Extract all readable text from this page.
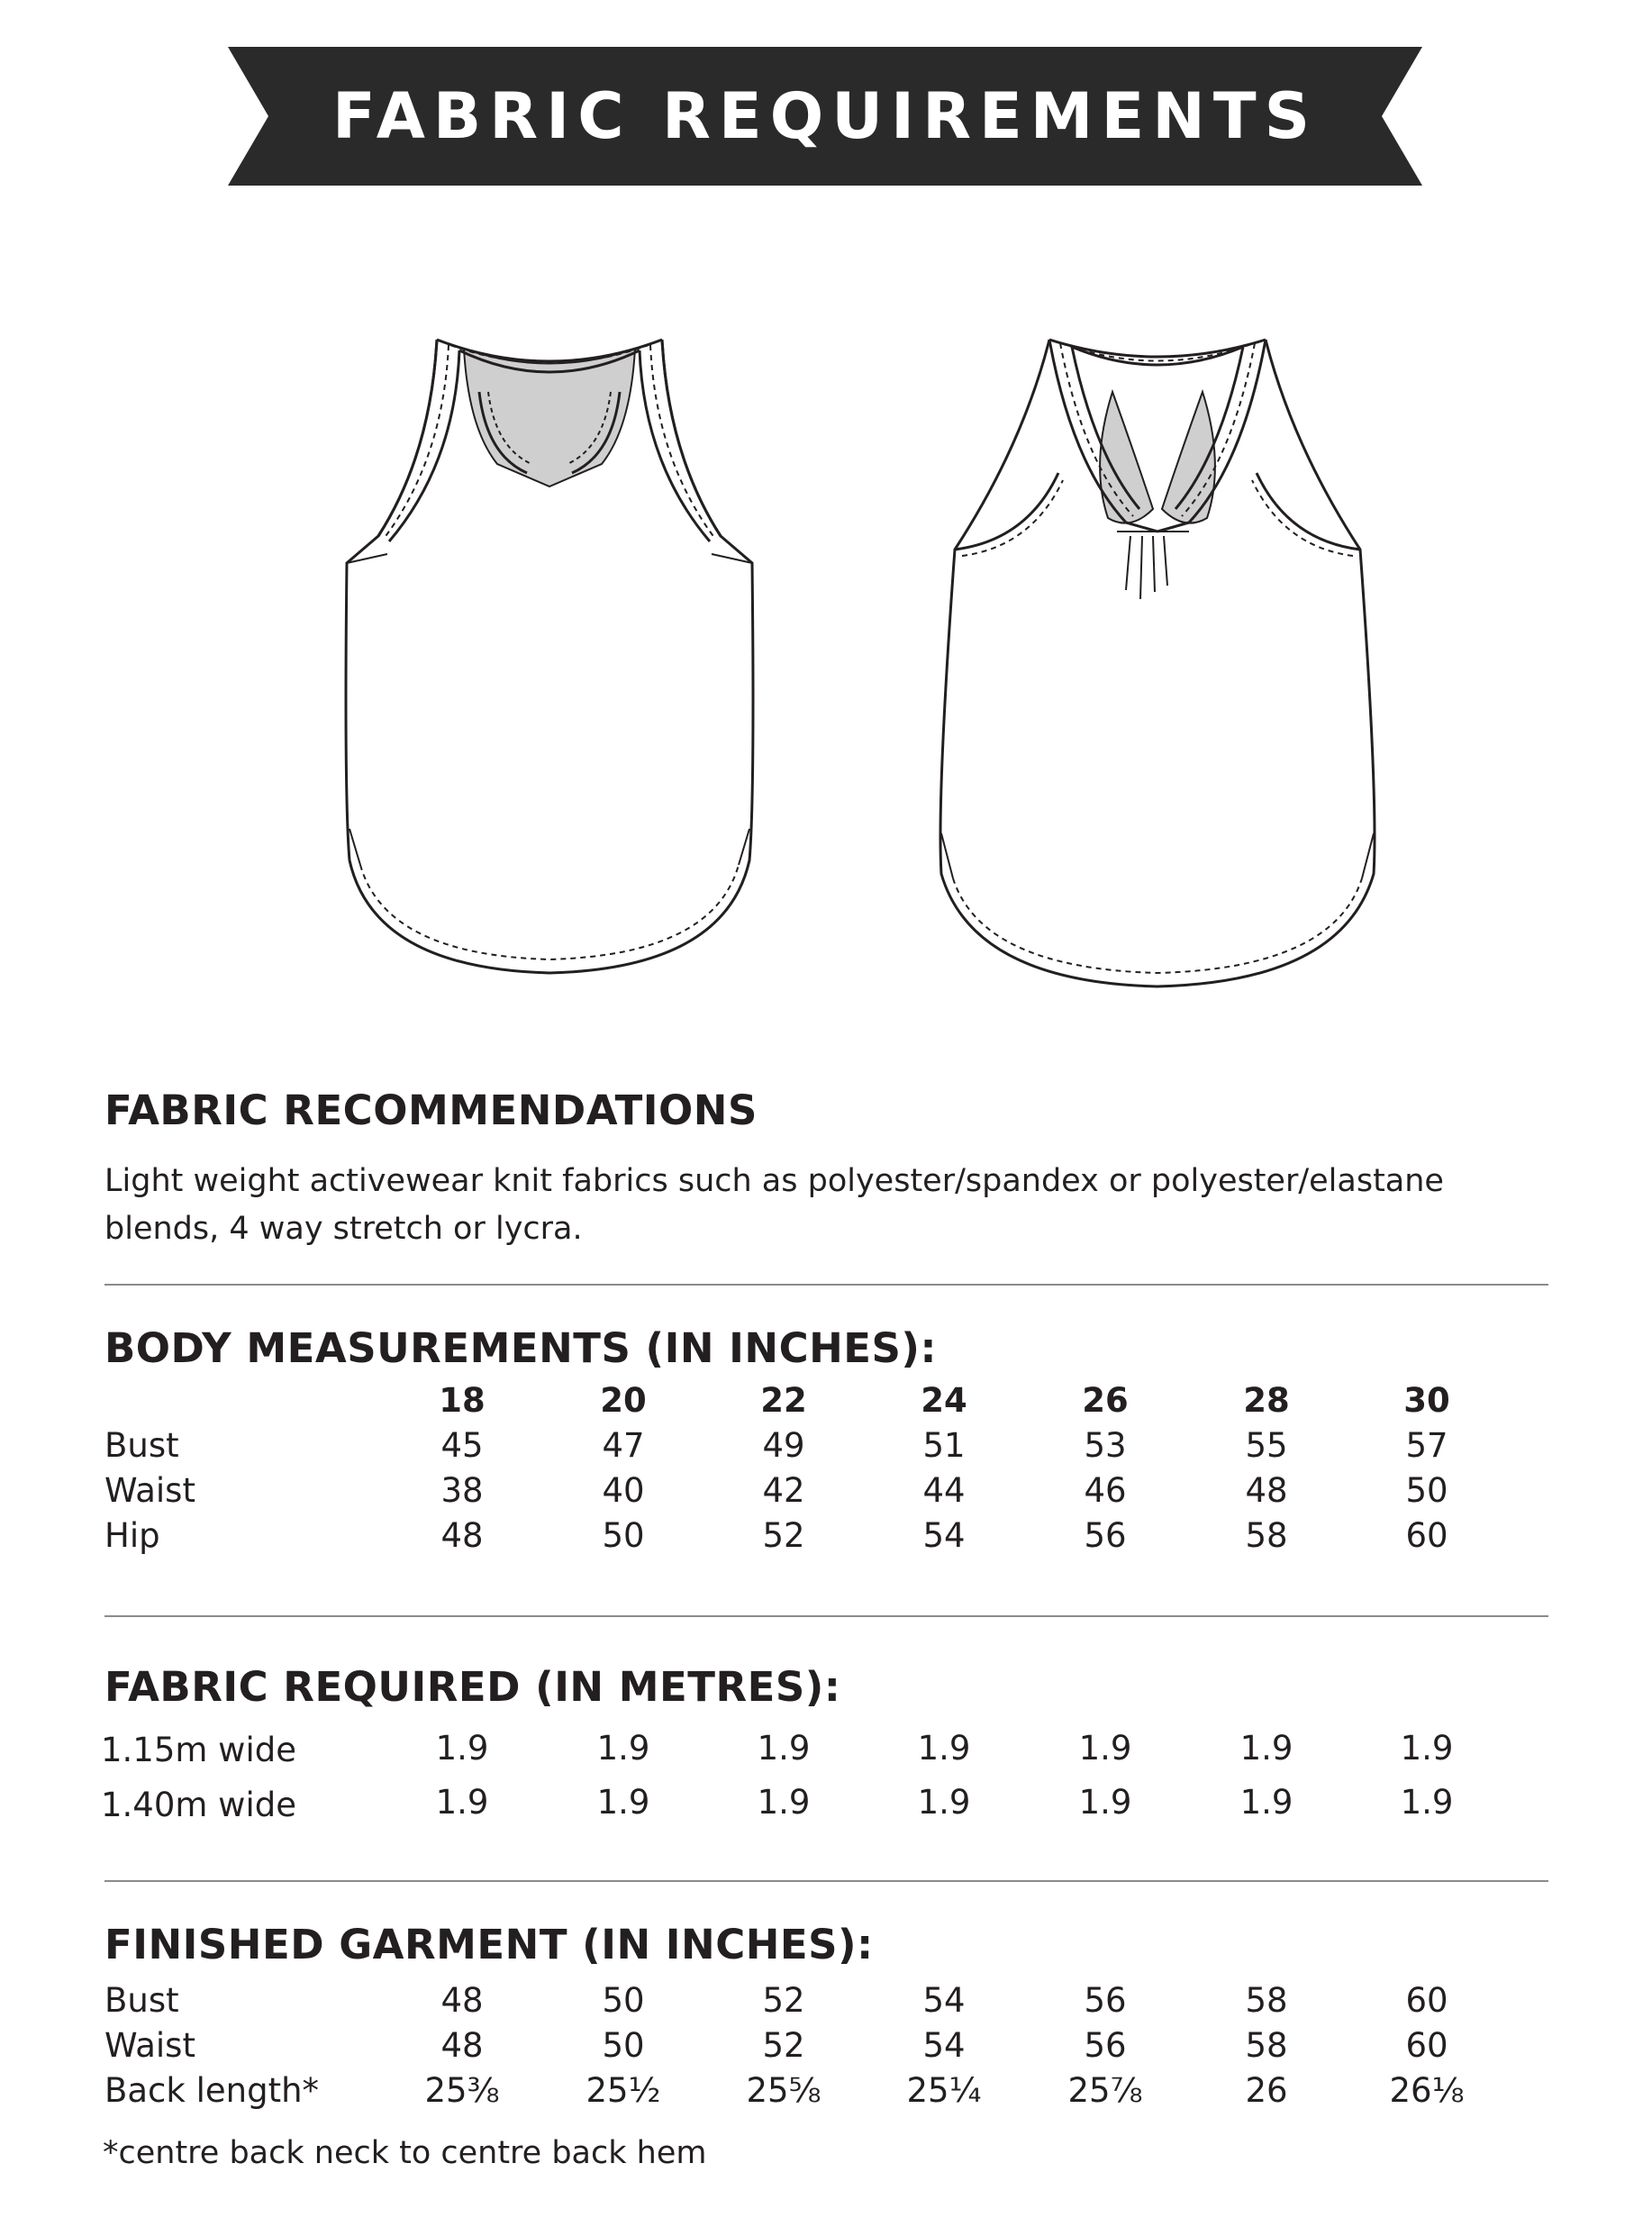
FABRIC REQUIREMENTS
FABRIC RECOMMENDATIONS

Light weight activewear knit fabrics such as polyester/spandex or polyester/elastane blends, 4 way stretch or lycra.

BODY MEASUREMENTS (IN INCHES):
18	20	22	24	26	28	30
Bust	45	47	49	51	53	55	57
Waist	38	40	42	44	46	48	50
Hip	48	50	52	54	56	58	60
FABRIC REQUIRED (IN METRES):
1.15m wide	1.9	1.9	1.9	1.9	1.9	1.9	1.9
1.40m wide	1.9	1.9	1.9	1.9	1.9	1.9	1.9
FINISHED GARMENT (IN INCHES):
Bust	48	50	52	54	56	58	60
Waist	48	50	52	54	56	58	60
Back length*	25⅜	25½	25⅝	25¼	25⅞	26	26⅛
*centre back neck to centre back hem
